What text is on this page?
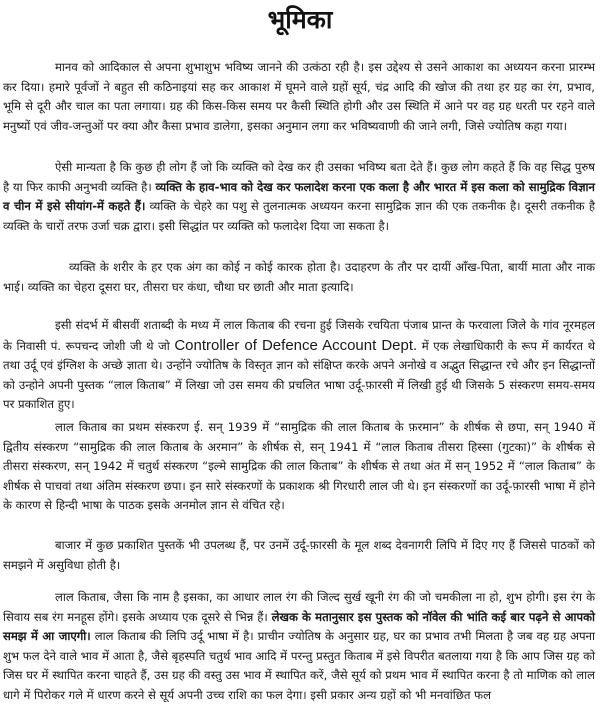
भूमिका

मानव को आदिकाल से अपना शुभाशुभ भविष्य जानने की उत्कंठा रही है। इस उद्देश्य से उसने आकाश का अध्ययन करना प्रारम्भ कर दिया। हमारे पूर्वजों ने बहुत सी कठिनाइयां सह कर आकाश में घूमने वाले ग्रहों सूर्य, चंद्र आदि की खोज की तथा हर ग्रह का रंग, प्रभाव, भूमि से दूरी और चाल का पता लगाया। ग्रह की किस-किस समय पर कैसी स्थिति होगी और उस स्थिति में आने पर वह ग्रह धरती पर रहने वाले मनुष्यों एवं जीव-जन्तुओं पर क्या और कैसा प्रभाव डालेगा, इसका अनुमान लगा कर भविष्यवाणी की जाने लगी, जिसे ज्योतिष कहा गया।

ऐसी मान्यता है कि कुछ ही लोग हैं जो कि व्यक्ति को देख कर ही उसका भविष्य बता देते हैं। कुछ लोग कहते हैं कि वह सिद्ध पुरुष है या फिर काफी अनुभवी व्यक्ति है। व्यक्ति के हाव-भाव को देख कर फलादेश करना एक कला है और भारत में इस कला को सामुद्रिक विज्ञान व चीन में इसे सीयांग-में कहते हैं। व्यक्ति के चेहरे का पशु से तुलनात्मक अध्ययन करना सामुद्रिक ज्ञान की एक तकनीक है। दूसरी तकनीक है व्यक्ति के चारों तरफ उर्जा चक्र द्वारा। इसी सिद्धांत पर व्यक्ति को फलादेश दिया जा सकता है।

व्यक्ति के शरीर के हर एक अंग का कोई न कोई कारक होता है। उदाहरण के तौर पर दायीं आँख-पिता, बायीं माता और नाक भाई। व्यक्ति का चेहरा दूसरा घर, तीसरा घर कंधा, चौथा घर छाती और माता इत्यादि।

इसी संदर्भ में बीसवीं शताब्दी के मध्य में लाल किताब की रचना हुई जिसके रचयिता पंजाब प्रान्त के फरवाला जिले के गांव नूरमहल के निवासी पं. रूपचन्द जोशी जी थे जो Controller of Defence Account Dept. में एक लेखाधिकारी के रूप में कार्यरत थे तथा उर्दू एवं इंग्लिश के अच्छे ज्ञाता थे। उन्होंने ज्योतिष के विस्तृत ज्ञान को संक्षिप्त करके अपने अनोखे व अद्भुत सिद्धान्त रचे और इन सिद्धान्तों को उन्होने अपनी पुस्तक “लाल किताब” में लिखा जो उस समय की प्रचलित भाषा उर्दू-फ़ारसी में लिखी हुई थी जिसके 5 संस्करण समय-समय पर प्रकाशित हुए।

लाल किताब का प्रथम संस्करण ई. सन् 1939 में “सामुद्रिक की लाल किताब के फ़रमान” के शीर्षक से छपा, सन् 1940 में द्वितीय संस्करण “सामुद्रिक की लाल किताब के अरमान” के शीर्षक से, सन् 1941 में “लाल किताब तीसरा हिस्सा (गुटका)” के शीर्षक से तीसरा संस्करण, सन् 1942 में चतुर्थ संस्करण “इल्मे सामुद्रिक की लाल किताब” के शीर्षक से तथा अंत में सन् 1952 में “लाल किताब” के शीर्षक से पाचवां तथा अंतिम संस्करण छपा। इन सारे संस्करणों के प्रकाशक श्री गिरधारी लाल जी थे। इन संस्करणों का उर्दू-फ़ारसी भाषा में होने के कारण से हिन्दी भाषा के पाठक इसके अनमोल ज्ञान से वंचित रहे।

बाजार में कुछ प्रकाशित पुस्तकें भी उपलब्ध हैं, पर उनमें उर्दू-फ़ारसी के मूल शब्द देवनागरी लिपि में दिए गए हैं जिससे पाठकों को समझने में असुविधा होती है।

लाल किताब, जैसा कि नाम है इसका, का आधार लाल रंग की जिल्द सुर्ख खूनी रंग की जो चमकीला ना हो, शुभ होगी। इस रंग के सिवाय सब रंग मनहूस होंगे। इसके अध्याय एक दूसरे से भिन्न हैं। लेखक के मतानुसार इस पुस्तक को नॉवेल की भांति कई बार पढ़ने से आपको समझ में आ जाएगी। लाल किताब की लिपि उर्दू भाषा में है। प्राचीन ज्योतिष के अनुसार ग्रह, घर का प्रभाव तभी मिलता है जब वह ग्रह अपना शुभ फल देने वाले भाव में आता है, जैसे बृहस्पति चतुर्थ भाव आदि में परन्तु प्रस्तुत किताब में इसे विपरीत बतलाया गया है कि आप जिस ग्रह को जिस घर में स्थापित करना चाहते हैं, उस ग्रह की वस्तु उस भाव में स्थापित करें, जैसे सूर्य को प्रथम भाव में स्थापित करना है तो माणिक को लाल धागे में पिरोकर गले में धारण करने से सूर्य अपनी उच्च राशि का फल देगा। इसी प्रकार अन्य ग्रहों को भी मनवांछित फल
